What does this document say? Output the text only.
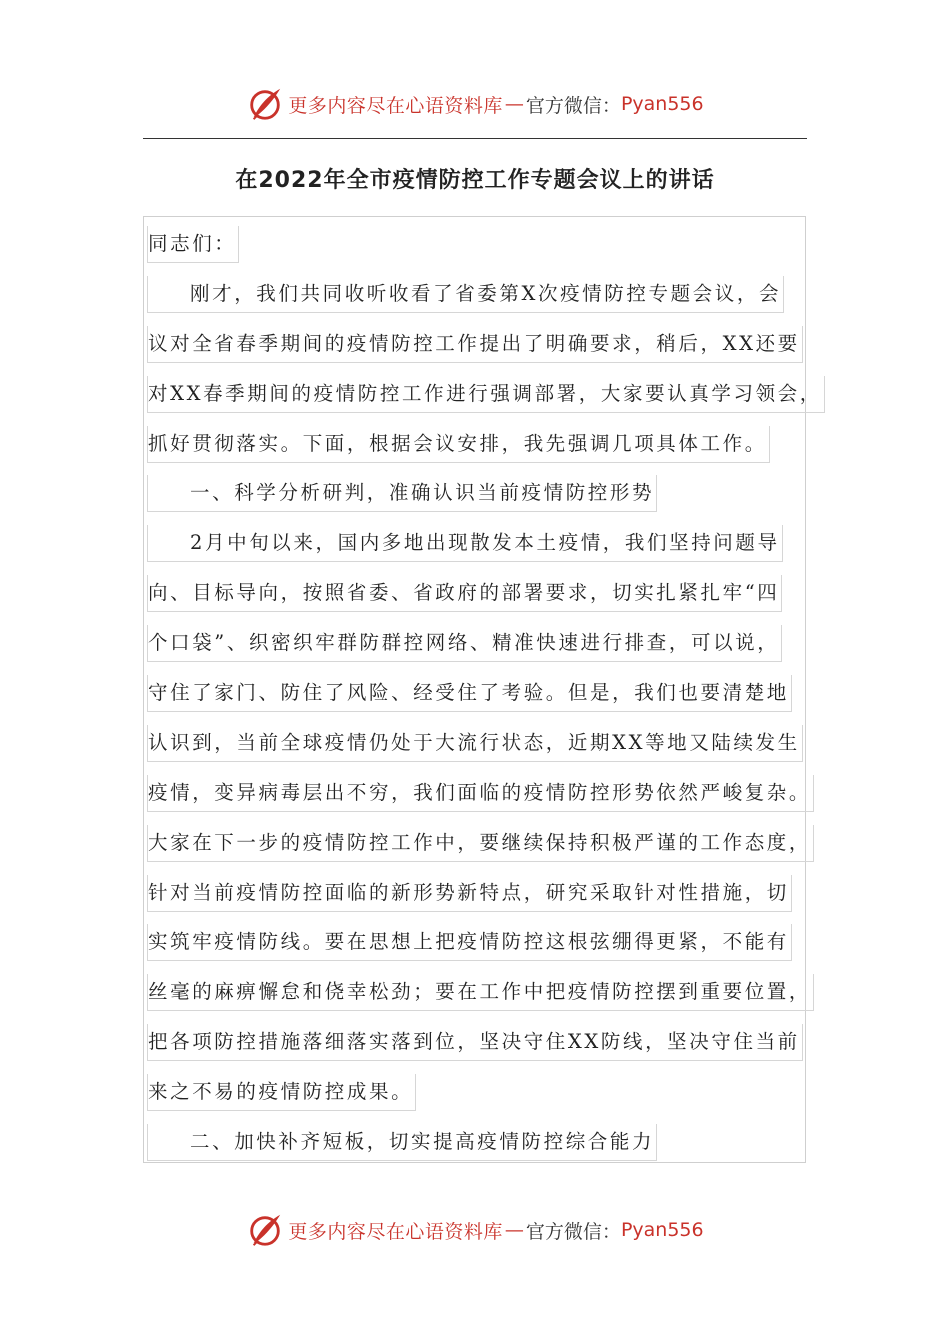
更多内容尽在心语资料库 — 官方微信： Pyan556
在2022年全市疫情防控工作专题会议上的讲话
同志们：
刚才，我们共同收听收看了省委第X次疫情防控专题会议，会
议对全省春季期间的疫情防控工作提出了明确要求，稍后，XX还要
对XX春季期间的疫情防控工作进行强调部署，大家要认真学习领会，
抓好贯彻落实。下面，根据会议安排，我先强调几项具体工作。
一、科学分析研判，准确认识当前疫情防控形势
2月中旬以来，国内多地出现散发本土疫情，我们坚持问题导
向、目标导向，按照省委、省政府的部署要求，切实扎紧扎牢“四
个口袋”、织密织牢群防群控网络、精准快速进行排查，可以说，
守住了家门、防住了风险、经受住了考验。但是，我们也要清楚地
认识到，当前全球疫情仍处于大流行状态，近期XX等地又陆续发生
疫情，变异病毒层出不穷，我们面临的疫情防控形势依然严峻复杂。
大家在下一步的疫情防控工作中，要继续保持积极严谨的工作态度，
针对当前疫情防控面临的新形势新特点，研究采取针对性措施，切
实筑牢疫情防线。要在思想上把疫情防控这根弦绷得更紧，不能有
丝毫的麻痹懈怠和侥幸松劲；要在工作中把疫情防控摆到重要位置，
把各项防控措施落细落实落到位，坚决守住XX防线，坚决守住当前
来之不易的疫情防控成果。
二、加快补齐短板，切实提高疫情防控综合能力
更多内容尽在心语资料库 — 官方微信： Pyan556
